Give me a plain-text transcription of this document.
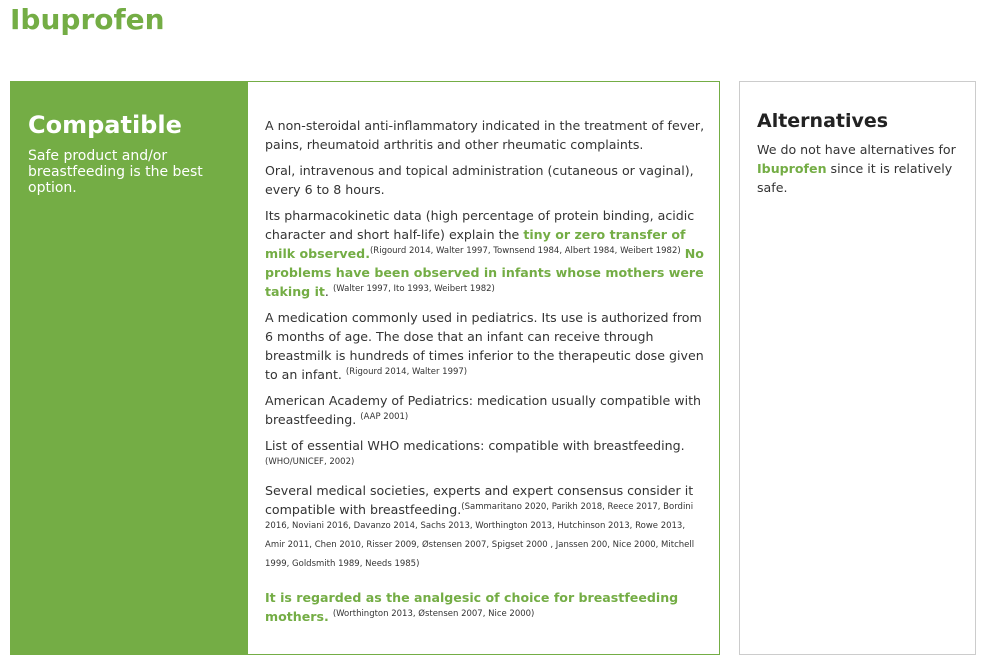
Ibuprofen
Compatible

Safe product and/or breastfeeding is the best option.

A non-steroidal anti-inflammatory indicated in the treatment of fever, pains, rheumatoid arthritis and other rheumatic complaints.

Oral, intravenous and topical administration (cutaneous or vaginal), every 6 to 8 hours.

Its pharmacokinetic data (high percentage of protein binding, acidic character and short half-life) explain the tiny or zero transfer of milk observed.$^{(Rigourd 2014, Walter 1997, Townsend 1984, Albert 1984, Weibert 1982)}$ No problems have been observed in infants whose mothers were taking it. $^{(Walter 1997, Ito 1993, Weibert 1982)}$

A medication commonly used in pediatrics. Its use is authorized from 6 months of age. The dose that an infant can receive through breastmilk is hundreds of times inferior to the therapeutic dose given to an infant. $^{(Rigourd 2014, Walter 1997)}$

American Academy of Pediatrics: medication usually compatible with breastfeeding. $^{(AAP 2001)}$

List of essential WHO medications: compatible with breastfeeding. $^{(WHO/UNICEF, 2002)}$

Several medical societies, experts and expert consensus consider it compatible with breastfeeding.$^{(Sammaritano 2020, Parikh 2018, Reece 2017, Bordini 2016, Noviani 2016, Davanzo 2014, Sachs 2013, Worthington 2013, Hutchinson 2013, Rowe 2013, Amir 2011, Chen 2010, Risser 2009, Østensen 2007, Spigset 2000 , Janssen 200, Nice 2000, Mitchell 1999, Goldsmith 1989, Needs 1985)}$

It is regarded as the analgesic of choice for breastfeeding mothers. $^{(Worthington 2013, Østensen 2007, Nice 2000)}$

Alternatives

We do not have alternatives for Ibuprofen since it is relatively safe.
